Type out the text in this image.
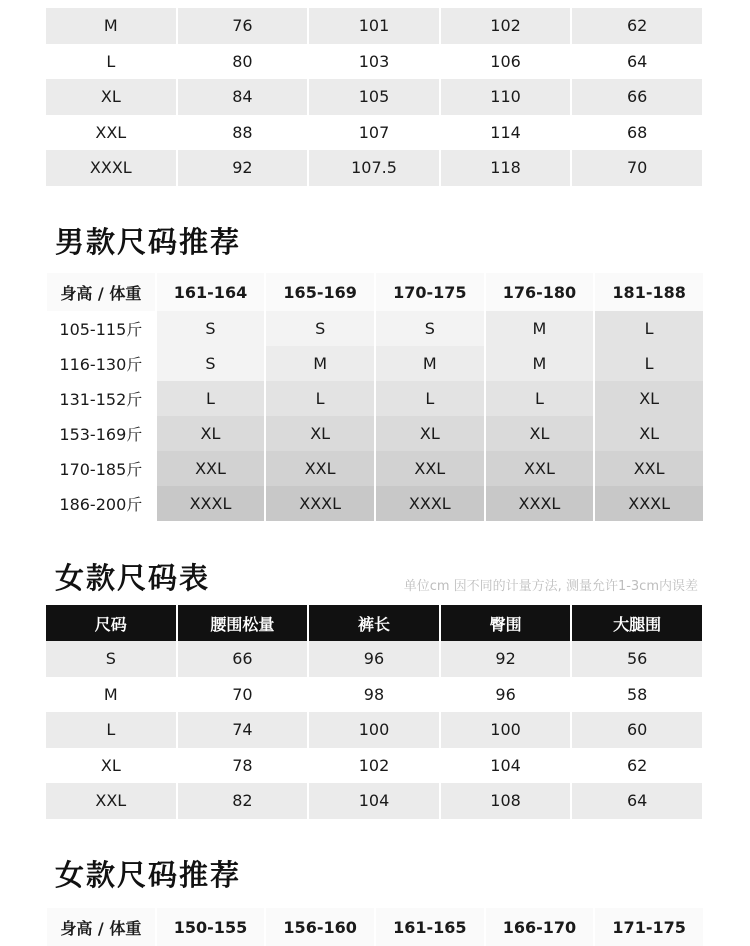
M	76	101	102	62
L	80	103	106	64
XL	84	105	110	66
XXL	88	107	114	68
XXXL	92	107.5	118	70
男款尺码推荐
身高 / 体重	161-164	165-169	170-175	176-180	181-188
105-115斤	S	S	S	M	L
116-130斤	S	M	M	M	L
131-152斤	L	L	L	L	XL
153-169斤	XL	XL	XL	XL	XL
170-185斤	XXL	XXL	XXL	XXL	XXL
186-200斤	XXXL	XXXL	XXXL	XXXL	XXXL
女款尺码表	单位cm 因不同的计量方法, 测量允许1-3cm内误差
尺码	腰围松量	裤长	臀围	大腿围
S	66	96	92	56
M	70	98	96	58
L	74	100	100	60
XL	78	102	104	62
XXL	82	104	108	64
女款尺码推荐
身高 / 体重	150-155	156-160	161-165	166-170	171-175
